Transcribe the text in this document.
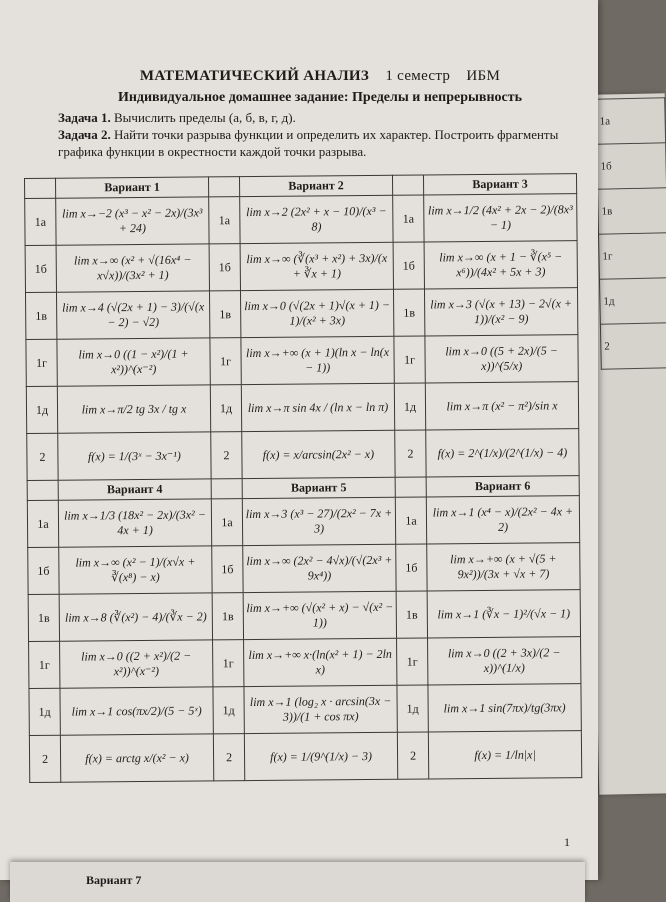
1а
1б
1в
1г
1д
2
МАТЕМАТИЧЕСКИЙ АНАЛИЗ 1 семестр ИБМ
Индивидуальное домашнее задание: Пределы и непрерывность
Задача 1. Вычислить пределы (а, б, в, г, д).
Задача 2. Найти точки разрыва функции и определить их характер. Построить фрагменты графика функции в окрестности каждой точки разрыва.
	Вариант 1		Вариант 2		Вариант 3
1а	lim x→−2 (x³ − x² − 2x)/(3x³ + 24)	1а	lim x→2 (2x² + x − 10)/(x³ − 8)	1а	lim x→1/2 (4x² + 2x − 2)/(8x³ − 1)
1б	lim x→∞ (x² + √(16x⁴ − x√x))/(3x² + 1)	1б	lim x→∞ (∛(x³ + x²) + 3x)/(x + ∛x + 1)	1б	lim x→∞ (x + 1 − ∛(x⁵ − x⁶))/(4x² + 5x + 3)
1в	lim x→4 (√(2x + 1) − 3)/(√(x − 2) − √2)	1в	lim x→0 (√(2x + 1)√(x + 1) − 1)/(x² + 3x)	1в	lim x→3 (√(x + 13) − 2√(x + 1))/(x² − 9)
1г	lim x→0 ((1 − x²)/(1 + x²))^(x⁻²)	1г	lim x→+∞ (x + 1)(ln x − ln(x − 1))	1г	lim x→0 ((5 + 2x)/(5 − x))^(5/x)
1д	lim x→π/2 tg 3x / tg x	1д	lim x→π sin 4x / (ln x − ln π)	1д	lim x→π (x² − π²)/sin x
2	f(x) = 1/(3ˣ − 3x⁻¹)	2	f(x) = x/arcsin(2x² − x)	2	f(x) = 2^(1/x)/(2^(1/x) − 4)
	Вариант 4		Вариант 5		Вариант 6
1а	lim x→1/3 (18x² − 2x)/(3x² − 4x + 1)	1а	lim x→3 (x³ − 27)/(2x² − 7x + 3)	1а	lim x→1 (x⁴ − x)/(2x² − 4x + 2)
1б	lim x→∞ (x² − 1)/(x√x + ∛(x⁸) − x)	1б	lim x→∞ (2x² − 4√x)/(√(2x³ + 9x⁴))	1б	lim x→+∞ (x + √(5 + 9x²))/(3x + √x + 7)
1в	lim x→8 (∛(x²) − 4)/(∛x − 2)	1в	lim x→+∞ (√(x² + x) − √(x² − 1))	1в	lim x→1 (∛x − 1)²/(√x − 1)
1г	lim x→0 ((2 + x²)/(2 − x²))^(x⁻²)	1г	lim x→+∞ x·(ln(x² + 1) − 2ln x)	1г	lim x→0 ((2 + 3x)/(2 − x))^(1/x)
1д	lim x→1 cos(πx/2)/(5 − 5ˣ)	1д	lim x→1 (log₂ x · arcsin(3x − 3))/(1 + cos πx)	1д	lim x→1 sin(7πx)/tg(3πx)
2	f(x) = arctg x/(x² − x)	2	f(x) = 1/(9^(1/x) − 3)	2	f(x) = 1/ln|x|
1
Вариант 7
